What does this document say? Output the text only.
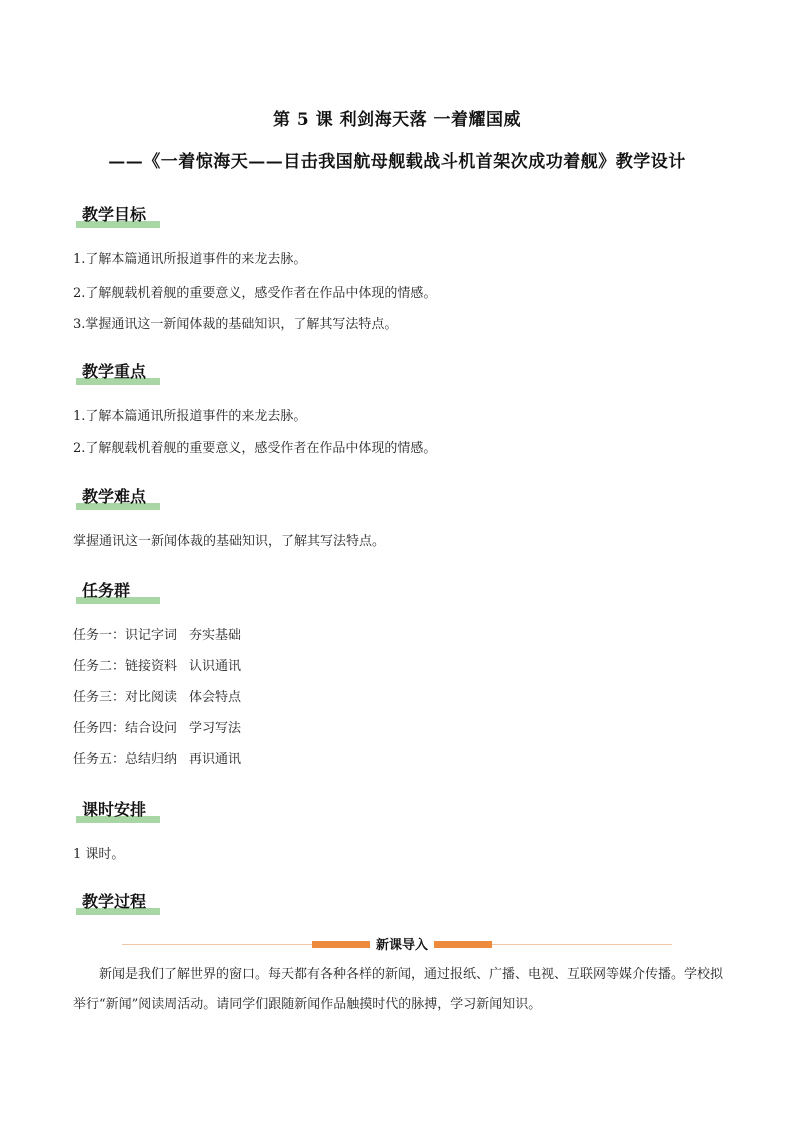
第 5 课 利剑海天落 一着耀国威
——《一着惊海天——目击我国航母舰载战斗机首架次成功着舰》教学设计
教学目标
1.了解本篇通讯所报道事件的来龙去脉。
2.了解舰载机着舰的重要意义，感受作者在作品中体现的情感。
3.掌握通讯这一新闻体裁的基础知识，了解其写法特点。
教学重点
1.了解本篇通讯所报道事件的来龙去脉。
2.了解舰载机着舰的重要意义，感受作者在作品中体现的情感。
教学难点
掌握通讯这一新闻体裁的基础知识，了解其写法特点。
任务群
任务一：识记字词 夯实基础
任务二：链接资料 认识通讯
任务三：对比阅读 体会特点
任务四：结合设问 学习写法
任务五：总结归纳 再识通讯
课时安排
1 课时。
教学过程
新课导入
新闻是我们了解世界的窗口。每天都有各种各样的新闻，通过报纸、广播、电视、互联网等媒介传播。学校拟举行“新闻”阅读周活动。请同学们跟随新闻作品触摸时代的脉搏，学习新闻知识。
